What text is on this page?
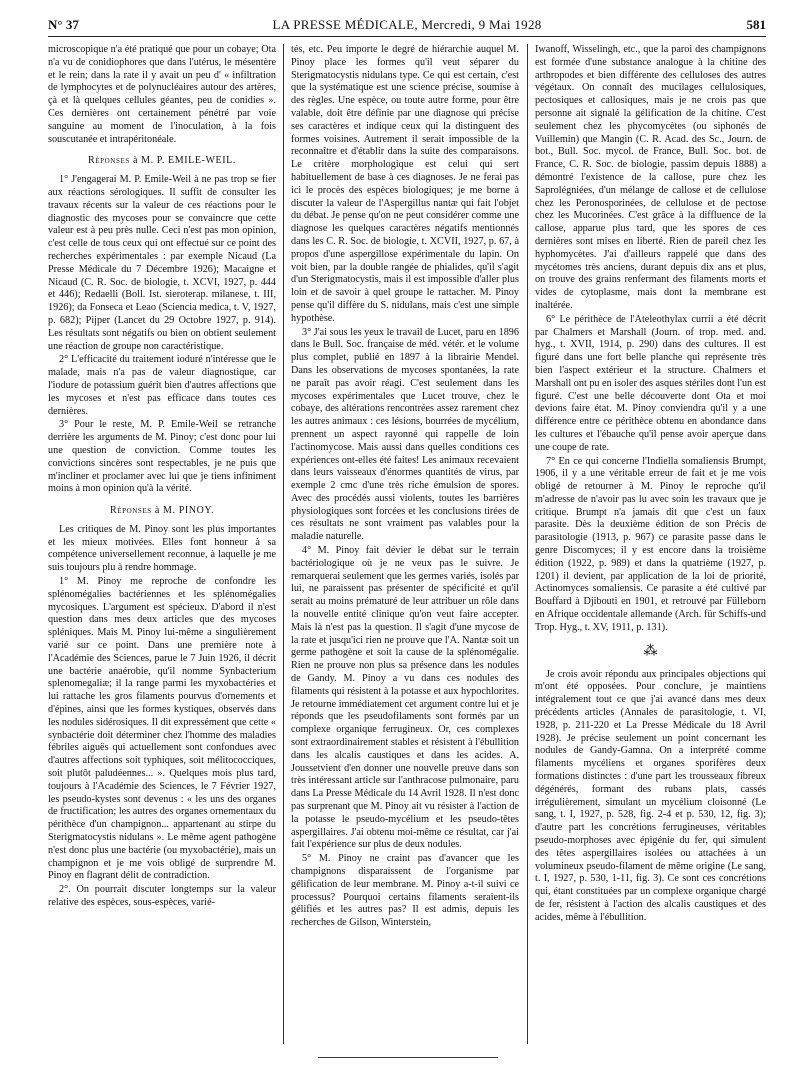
N° 37	LA PRESSE MÉDICALE, Mercredi, 9 Mai 1928	581

microscopique n'a été pratiqué que pour un cobaye; Ota n'a vu de conidiophores que dans l'utérus, le mésentère et le rein; dans la rate il y avait un peu d' « infiltration de lymphocytes et de polynucléaires autour des artères, çà et là quelques cellules géantes, peu de conidies ». Ces dernières ont certainement pénétré par voie sanguine au moment de l'inoculation, à la fois souscutanée et intrapéritonéale.

Réponses à M. P. EMILE-WEIL.

1° J'engagerai M. P. Emile-Weil à ne pas trop se fier aux réactions sérologiques. Il suffit de consulter les travaux récents sur la valeur de ces réactions pour le diagnostic des mycoses pour se convaincre que cette valeur est à peu près nulle. Ceci n'est pas mon opinion, c'est celle de tous ceux qui ont effectué sur ce point des recherches expérimentales : par exemple Nicaud (La Presse Médicale du 7 Décembre 1926); Macaigne et Nicaud (C. R. Soc. de biologie, t. XCVI, 1927, p. 444 et 446); Redaelli (Boll. Ist. sieroterap. milanese, t. III, 1926); da Fonseca et Leao (Sciencia medica, t. V, 1927, p. 682); Pijper (Lancet du 29 Octobre 1927, p. 914). Les résultats sont négatifs ou bien on obtient seulement une réaction de groupe non caractéristique.

2° L'efficacité du traitement ioduré n'intéresse que le malade, mais n'a pas de valeur diagnostique, car l'iodure de potassium guérit bien d'autres affections que les mycoses et n'est pas efficace dans toutes ces dernières.

3° Pour le reste, M. P. Emile-Weil se retranche derrière les arguments de M. Pinoy; c'est donc pour lui une question de conviction. Comme toutes les convictions sincères sont respectables, je ne puis que m'incliner et proclamer avec lui que je tiens infiniment moins à mon opinion qu'à la vérité.

Réponses à M. PINOY.

Les critiques de M. Pinoy sont les plus importantes et les mieux motivées. Elles font honneur à sa compétence universellement reconnue, à laquelle je me suis toujours plu à rendre hommage.

1° M. Pinoy me reproche de confondre les splénomégalies bactériennes et les splénomégalies mycosiques. L'argument est spécieux. D'abord il n'est question dans mes deux articles que des mycoses spléniques. Mais M. Pinoy lui-même a singulièrement varié sur ce point. Dans une première note à l'Académie des Sciences, parue le 7 Juin 1926, il décrit une bactérie anaérobie, qu'il nomme Synbacterium splenomegaliæ; il la range parmi les myxobactéries et lui rattache les gros filaments pourvus d'ornements et d'épines, ainsi que les formes kystiques, observés dans les nodules sidérosiques. Il dit expressément que cette « synbactérie doit déterminer chez l'homme des maladies fébriles aiguës qui actuellement sont confondues avec d'autres affections soit typhiques, soit mélitococciques, soit plutôt paludéennes... ». Quelques mois plus tard, toujours à l'Académie des Sciences, le 7 Février 1927, les pseudo-kystes sont devenus : « les uns des organes de fructification; les autres des organes ornementaux du périthèce d'un champignon... appartenant au stirpe du Sterigmatocystis nidulans ». Le même agent pathogène n'est donc plus une bactérie (ou myxobactérie), mais un champignon et je me vois obligé de surprendre M. Pinoy en flagrant délit de contradiction.

2°. On pourrait discuter longtemps sur la valeur relative des espèces, sous-espèces, varié-

tés, etc. Peu importe le degré de hiérarchie auquel M. Pinoy place les formes qu'il veut séparer du Sterigmatocystis nidulans type. Ce qui est certain, c'est que la systématique est une science précise, soumise à des règles. Une espèce, ou toute autre forme, pour être valable, doit être définie par une diagnose qui précise ses caractères et indique ceux qui la distinguent des formes voisines. Autrement il serait impossible de la reconnaître et d'établir dans la suite des comparaisons. Le critère morphologique est celui qui sert habituellement de base à ces diagnoses. Je ne ferai pas ici le procès des espèces biologiques; je me borne à discuter la valeur de l'Aspergillus nantæ qui fait l'objet du débat. Je pense qu'on ne peut considérer comme une diagnose les quelques caractères négatifs mentionnés dans les C. R. Soc. de biologie, t. XCVII, 1927, p. 67, à propos d'une aspergillose expérimentale du lapin. On voit bien, par la double rangée de phialides, qu'il s'agit d'un Sterigmatocystis, mais il est impossible d'aller plus loin et de savoir à quel groupe le rattacher. M. Pinoy pense qu'il diffère du S. nidulans, mais c'est une simple hypothèse.

3° J'ai sous les yeux le travail de Lucet, paru en 1896 dans le Bull. Soc. française de méd. vétér. et le volume plus complet, publié en 1897 à la librairie Mendel. Dans les observations de mycoses spontanées, la rate ne paraît pas avoir réagi. C'est seulement dans les mycoses expérimentales que Lucet trouve, chez le cobaye, des altérations rencontrées assez rarement chez les autres animaux : ces lésions, bourrées de mycélium, prennent un aspect rayonné qui rappelle de loin l'actinomycose. Mais aussi dans quelles conditions ces expériences ont-elles été faites! Les animaux recevaient dans leurs vaisseaux d'énormes quantités de virus, par exemple 2 cmc d'une très riche émulsion de spores. Avec des procédés aussi violents, toutes les barrières physiologiques sont forcées et les conclusions tirées de ces résultats ne sont vraiment pas valables pour la maladie naturelle.

4° M. Pinoy fait dévier le débat sur le terrain bactériologique où je ne veux pas le suivre. Je remarquerai seulement que les germes variés, isolés par lui, ne paraissent pas présenter de spécificité et qu'il serait au moins prématuré de leur attribuer un rôle dans la nouvelle entité clinique qu'on veut faire accepter. Mais là n'est pas la question. Il s'agit d'une mycose de la rate et jusqu'ici rien ne prouve que l'A. Nantæ soit un germe pathogène et soit la cause de la splénomégalie. Rien ne prouve non plus sa présence dans les nodules de Gandy. M. Pinoy a vu dans ces nodules des filaments qui résistent à la potasse et aux hypochlorites. Je retourne immédiatement cet argument contre lui et je réponds que les pseudofilaments sont formés par un complexe organique ferrugineux. Or, ces complexes sont extraordinairement stables et résistent à l'ébullition dans les alcalis caustiques et dans les acides. A. Joussetvient d'en donner une nouvelle preuve dans son très intéressant article sur l'anthracose pulmonaire, paru dans La Presse Médicale du 14 Avril 1928. Il n'est donc pas surprenant que M. Pinoy ait vu résister à l'action de la potasse le pseudo-mycélium et les pseudo-têtes aspergillaires. J'ai obtenu moi-même ce résultat, car j'ai fait l'expérience sur plus de deux nodules.

5° M. Pinoy ne craint pas d'avancer que les champignons disparaissent de l'organisme par gélification de leur membrane. M. Pinoy a-t-il suivi ce processus? Pourquoi certains filaments seraient-ils gélifiés et les autres pas? Il est admis, depuis les recherches de Gilson, Winterstein,

Iwanoff, Wisselingh, etc., que la paroi des champignons est formée d'une substance analogue à la chitine des arthropodes et bien différente des celluloses des autres végétaux. On connaît des mucilages cellulosiques, pectosiques et callosiques, mais je ne crois pas que personne ait signalé la gélification de la chitine. C'est seulement chez les phycomycètes (ou siphonés de Vuillemin) que Mangin (C. R. Acad. des Sc., Journ. de bot., Bull. Soc. mycol. de France, Bull. Soc. bot. de France, C. R. Soc. de biologie, passim depuis 1888) a démontré l'existence de la callose, pure chez les Saprolégniées, d'un mélange de callose et de cellulose chez les Peronosporinées, de cellulose et de pectose chez les Mucorinées. C'est grâce à la diffluence de la callose, apparue plus tard, que les spores de ces dernières sont mises en liberté. Rien de pareil chez les hyphomycètes. J'ai d'ailleurs rappelé que dans des mycétomes très anciens, durant depuis dix ans et plus, on trouve des grains renfermant des filaments morts et vides de cytoplasme, mais dont la membrane est inaltérée.

6° Le périthèce de l'Ateleothylax currii a été décrit par Chalmers et Marshall (Journ. of trop. med. and. hyg., t. XVII, 1914, p. 290) dans des cultures. Il est figuré dans une fort belle planche qui représente très bien l'aspect extérieur et la structure. Chalmers et Marshall ont pu en isoler des asques stériles dont l'un est figuré. C'est une belle découverte dont Ota et moi devions faire état. M. Pinoy conviendra qu'il y a une différence entre ce périthèce obtenu en abondance dans les cultures et l'ébauche qu'il pense avoir aperçue dans une coupe de rate.

7° En ce qui concerne l'Indiella somaliensis Brumpt, 1906, il y a une véritable erreur de fait et je me vois obligé de retourner à M. Pinoy le reproche qu'il m'adresse de n'avoir pas lu avec soin les travaux que je critique. Brumpt n'a jamais dit que c'est un faux parasite. Dès la deuxième édition de son Précis de parasitologie (1913, p. 967) ce parasite passe dans le genre Discomyces; il y est encore dans la troisième édition (1922, p. 989) et dans la quatrième (1927, p. 1201) il devient, par application de la loi de priorité, Actinomyces somaliensis. Ce parasite a été cultivé par Bouffard à Djibouti en 1901, et retrouvé par Fülleborn en Afrique occidentale allemande (Arch. für Schiffs-und Trop. Hyg., t. XV, 1911, p. 131).

⁂

Je crois avoir répondu aux principales objections qui m'ont été opposées. Pour conclure, je maintiens intégralement tout ce que j'ai avancé dans mes deux précédents articles (Annales de parasitologie, t. VI, 1928, p. 211-220 et La Presse Médicale du 18 Avril 1928). Je précise seulement un point concernant les nodules de Gandy-Gamna. On a interprété comme filaments mycéliens et organes sporifères deux formations distinctes : d'une part les trousseaux fibreux dégénérés, formant des rubans plats, cassés irrégulièrement, simulant un mycélium cloisonné (Le sang, t. I, 1927, p. 528, fig. 2-4 et p. 530, 12, fig. 3); d'autre part les concrétions ferrugineuses, véritables pseudo-morphoses avec épigénie du fer, qui simulent des têtes aspergillaires isolées ou attachées à un volumineux pseudo-filament de même origine (Le sang, t. I, 1927, p. 530, 1-11, fig. 3). Ce sont ces concrétions qui, étant constituées par un complexe organique chargé de fer, résistent à l'action des alcalis caustiques et des acides, même à l'ébullition.
